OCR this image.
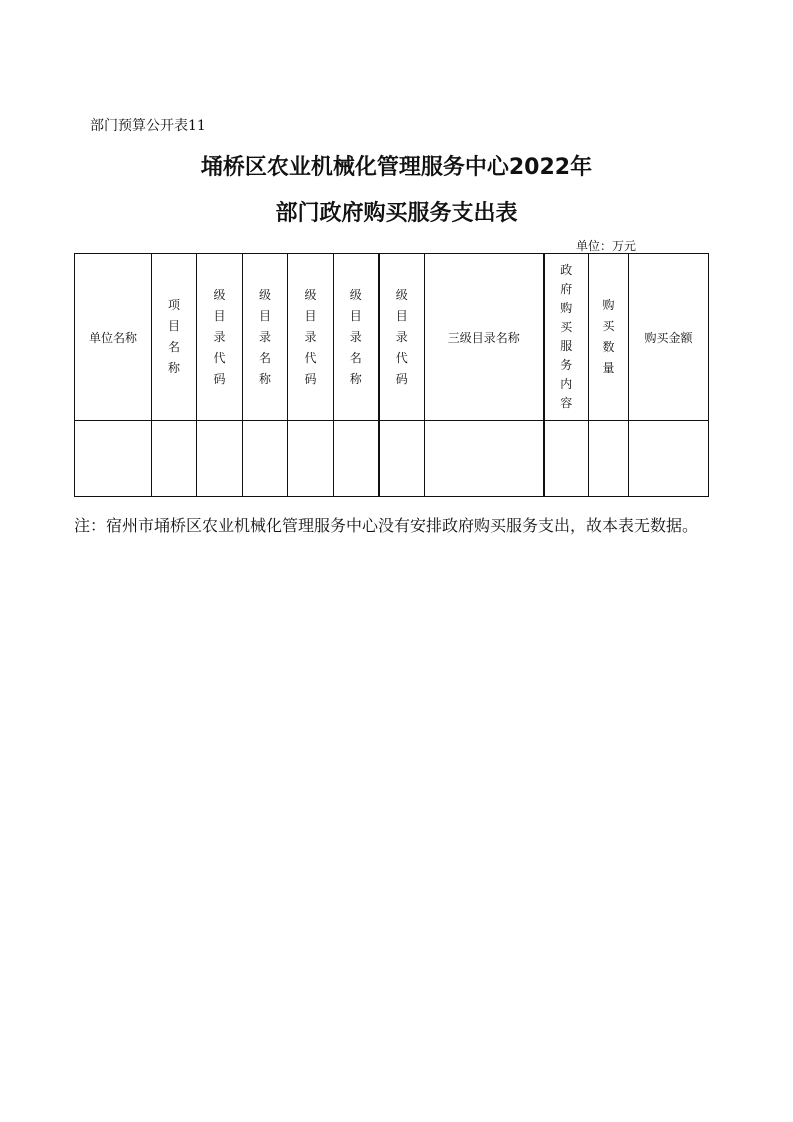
部门预算公开表11
埇桥区农业机械化管理服务中心2022年
部门政府购买服务支出表
单位：万元
单位名称	项目名称	级目录代码	级目录名称	级目录代码	级目录名称	级目录代码	三级目录名称	政府购买服务内容	购买数量	购买金额

注：宿州市埇桥区农业机械化管理服务中心没有安排政府购买服务支出，故本表无数据。
